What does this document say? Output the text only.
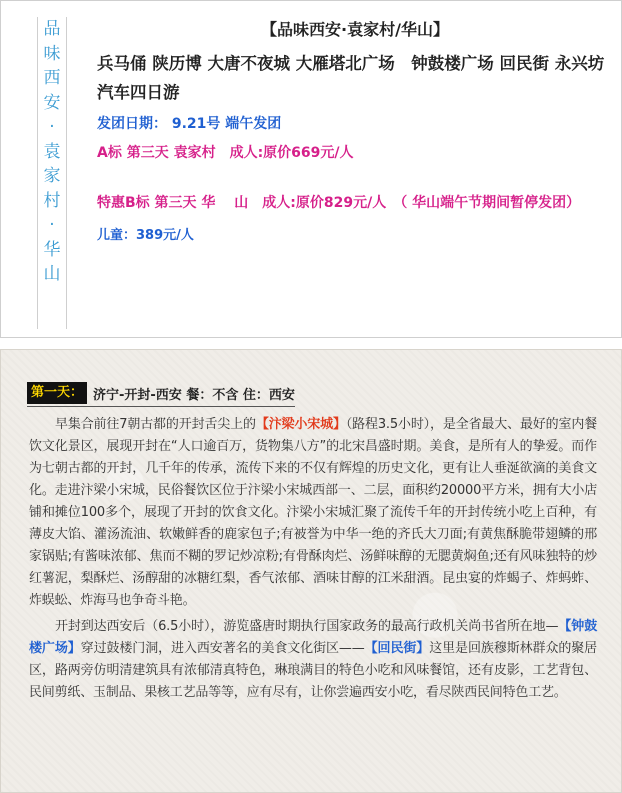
品
味
西
安
·
袁
家
村
·
华
山
【品味西安·袁家村/华山】
兵马俑 陕历博 大唐不夜城 大雁塔北广场　钟鼓楼广场 回民街 永兴坊 汽车四日游
发团日期： 9.21号 端午发团
A标 第三天 袁家村　成人:原价669元/人
特惠B标 第三天 华　 山　成人:原价829元/人　（ 华山端午节期间暂停发团）
儿童：389元/人
第一天： 济宁-开封-西安 餐：不含 住：西安

早集合前往7朝古都的开封舌尖上的【汴梁小宋城】（路程3.5小时），是全省最大、最好的室内餐饮文化景区，展现开封在“人口逾百万，货物集八方”的北宋昌盛时期。美食，是所有人的挚爱。而作为七朝古都的开封，几千年的传承，流传下来的不仅有辉煌的历史文化，更有让人垂涎欲滴的美食文化。走进汴梁小宋城，民俗餐饮区位于汴梁小宋城西部一、二层，面积约20000平方米，拥有大小店铺和摊位100多个，展现了开封的饮食文化。汴梁小宋城汇聚了流传千年的开封传统小吃上百种，有薄皮大馅、灌汤流油、软嫩鲜香的鹿家包子;有被誉为中华一绝的齐氏大刀面;有黄焦酥脆带翅鳞的邢家锅贴;有酱味浓郁、焦而不糊的罗记炒凉粉;有骨酥肉烂、汤鲜味醇的无腮黄焖鱼;还有风味独特的炒红薯泥，梨酥烂、汤醇甜的冰糖红梨，香气浓郁、酒味甘醇的江米甜酒。昆虫宴的炸蝎子、炸蚂蚱、炸蜈蚣、炸海马也争奇斗艳。

开封到达西安后（6.5小时），游览盛唐时期执行国家政务的最高行政机关尚书省所在地—【钟鼓楼广场】穿过鼓楼门洞，进入西安著名的美食文化街区——【回民街】这里是回族穆斯林群众的聚居区，路两旁仿明清建筑具有浓郁清真特色，琳琅满目的特色小吃和风味餐馆，还有皮影，工艺背包、民间剪纸、玉制品、果核工艺品等等，应有尽有，让你尝遍西安小吃，看尽陕西民间特色工艺。
